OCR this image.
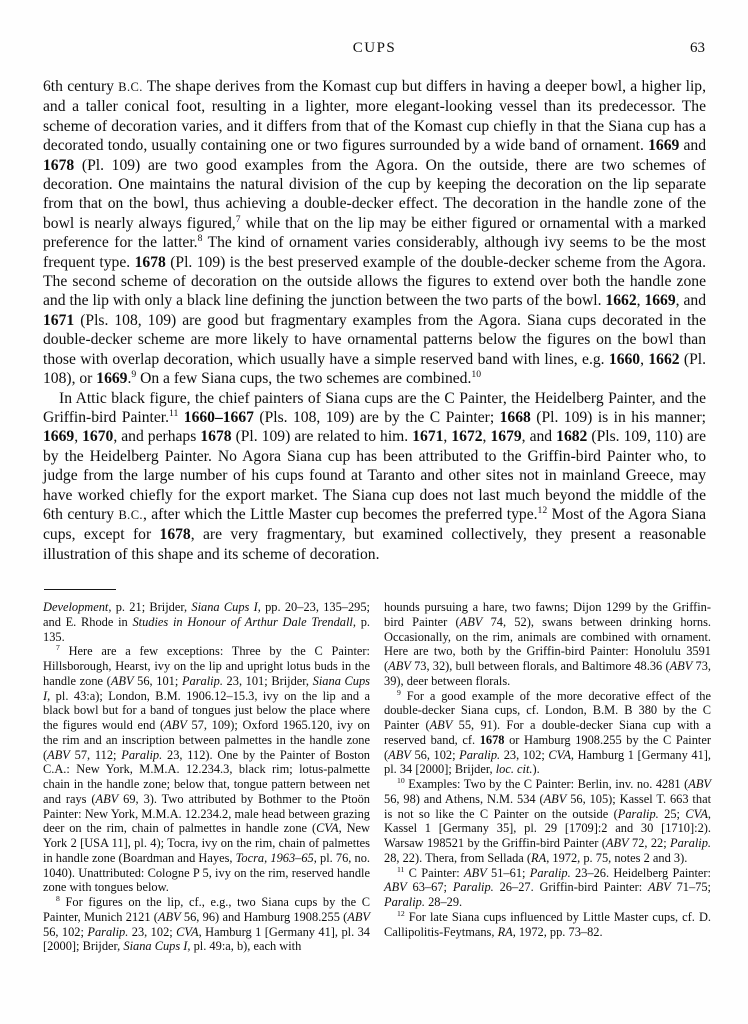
CUPS	63

6th century B.C. The shape derives from the Komast cup but differs in having a deeper bowl, a higher lip, and a taller conical foot, resulting in a lighter, more elegant-looking vessel than its predecessor. The scheme of decoration varies, and it differs from that of the Komast cup chiefly in that the Siana cup has a decorated tondo, usually containing one or two figures surrounded by a wide band of ornament. 1669 and 1678 (Pl. 109) are two good examples from the Agora. On the outside, there are two schemes of decoration. One maintains the natural division of the cup by keeping the decoration on the lip separate from that on the bowl, thus achieving a double-decker effect. The decoration in the handle zone of the bowl is nearly always figured,$^7$ while that on the lip may be either figured or ornamental with a marked preference for the latter.$^8$ The kind of ornament varies considerably, although ivy seems to be the most frequent type. 1678 (Pl. 109) is the best preserved example of the double-decker scheme from the Agora. The second scheme of decoration on the outside allows the figures to extend over both the handle zone and the lip with only a black line defining the junction between the two parts of the bowl. 1662, 1669, and 1671 (Pls. 108, 109) are good but fragmentary examples from the Agora. Siana cups decorated in the double-decker scheme are more likely to have ornamental patterns below the figures on the bowl than those with overlap decoration, which usually have a simple reserved band with lines, e.g. 1660, 1662 (Pl. 108), or 1669.$^9$ On a few Siana cups, the two schemes are combined.$^{10}$

In Attic black figure, the chief painters of Siana cups are the C Painter, the Heidelberg Painter, and the Griffin-bird Painter.$^{11}$ 1660–1667 (Pls. 108, 109) are by the C Painter; 1668 (Pl. 109) is in his manner; 1669, 1670, and perhaps 1678 (Pl. 109) are related to him. 1671, 1672, 1679, and 1682 (Pls. 109, 110) are by the Heidelberg Painter. No Agora Siana cup has been attributed to the Griffin-bird Painter who, to judge from the large number of his cups found at Taranto and other sites not in mainland Greece, may have worked chiefly for the export market. The Siana cup does not last much beyond the middle of the 6th century B.C., after which the Little Master cup becomes the preferred type.$^{12}$ Most of the Agora Siana cups, except for 1678, are very fragmentary, but examined collectively, they present a reasonable illustration of this shape and its scheme of decoration.

Development, p. 21; Brijder, Siana Cups I, pp. 20–23, 135–295; and E. Rhode in Studies in Honour of Arthur Dale Trendall, p. 135.

$^7$ Here are a few exceptions: Three by the C Painter: Hillsborough, Hearst, ivy on the lip and upright lotus buds in the handle zone (ABV 56, 101; Paralip. 23, 101; Brijder, Siana Cups I, pl. 43:a); London, B.M. 1906.12–15.3, ivy on the lip and a black bowl but for a band of tongues just below the place where the figures would end (ABV 57, 109); Oxford 1965.120, ivy on the rim and an inscription between palmettes in the handle zone (ABV 57, 112; Paralip. 23, 112). One by the Painter of Boston C.A.: New York, M.M.A. 12.234.3, black rim; lotus-palmette chain in the handle zone; below that, tongue pattern between net and rays (ABV 69, 3). Two attributed by Bothmer to the Ptoön Painter: New York, M.M.A. 12.234.2, male head between grazing deer on the rim, chain of palmettes in handle zone (CVA, New York 2 [USA 11], pl. 4); Tocra, ivy on the rim, chain of palmettes in handle zone (Boardman and Hayes, Tocra, 1963–65, pl. 76, no. 1040). Unattributed: Cologne P 5, ivy on the rim, reserved handle zone with tongues below.

$^8$ For figures on the lip, cf., e.g., two Siana cups by the C Painter, Munich 2121 (ABV 56, 96) and Hamburg 1908.255 (ABV 56, 102; Paralip. 23, 102; CVA, Hamburg 1 [Germany 41], pl. 34 [2000]; Brijder, Siana Cups I, pl. 49:a, b), each with

hounds pursuing a hare, two fawns; Dijon 1299 by the Griffin-bird Painter (ABV 74, 52), swans between drinking horns. Occasionally, on the rim, animals are combined with ornament. Here are two, both by the Griffin-bird Painter: Honolulu 3591 (ABV 73, 32), bull between florals, and Baltimore 48.36 (ABV 73, 39), deer between florals.

$^9$ For a good example of the more decorative effect of the double-decker Siana cups, cf. London, B.M. B 380 by the C Painter (ABV 55, 91). For a double-decker Siana cup with a reserved band, cf. 1678 or Hamburg 1908.255 by the C Painter (ABV 56, 102; Paralip. 23, 102; CVA, Hamburg 1 [Germany 41], pl. 34 [2000]; Brijder, loc. cit.).

$^{10}$ Examples: Two by the C Painter: Berlin, inv. no. 4281 (ABV 56, 98) and Athens, N.M. 534 (ABV 56, 105); Kassel T. 663 that is not so like the C Painter on the outside (Paralip. 25; CVA, Kassel 1 [Germany 35], pl. 29 [1709]:2 and 30 [1710]:2). Warsaw 198521 by the Griffin-bird Painter (ABV 72, 22; Paralip. 28, 22). Thera, from Sellada (RA, 1972, p. 75, notes 2 and 3).

$^{11}$ C Painter: ABV 51–61; Paralip. 23–26. Heidelberg Painter: ABV 63–67; Paralip. 26–27. Griffin-bird Painter: ABV 71–75; Paralip. 28–29.

$^{12}$ For late Siana cups influenced by Little Master cups, cf. D. Callipolitis-Feytmans, RA, 1972, pp. 73–82.
